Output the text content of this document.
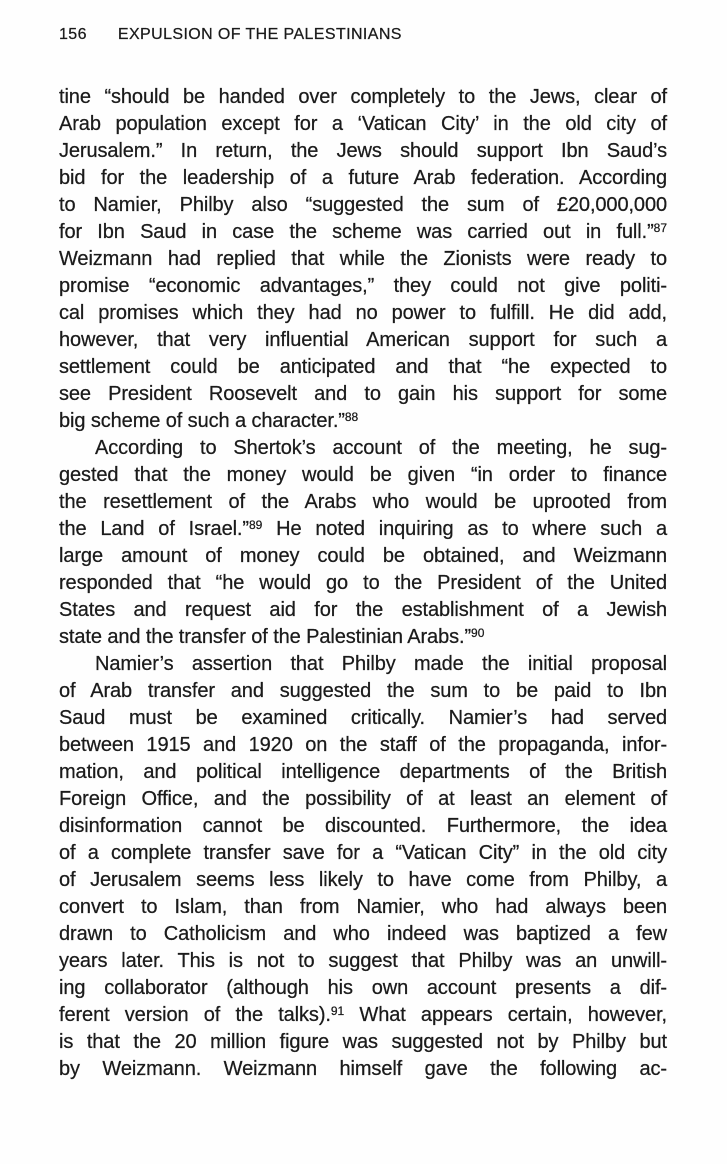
156 EXPULSION OF THE PALESTINIANS
tine “should be handed over completely to the Jews, clear of
Arab population except for a ‘Vatican City’ in the old city of
Jerusalem.” In return, the Jews should support Ibn Saud’s
bid for the leadership of a future Arab federation. According
to Namier, Philby also “suggested the sum of £20,000,000
for Ibn Saud in case the scheme was carried out in full.”$^{87}$
Weizmann had replied that while the Zionists were ready to
promise “economic advantages,” they could not give politi-
cal promises which they had no power to fulfill. He did add,
however, that very influential American support for such a
settlement could be anticipated and that “he expected to
see President Roosevelt and to gain his support for some
big scheme of such a character.”$^{88}$
According to Shertok’s account of the meeting, he sug-
gested that the money would be given “in order to finance
the resettlement of the Arabs who would be uprooted from
the Land of Israel.”$^{89}$ He noted inquiring as to where such a
large amount of money could be obtained, and Weizmann
responded that “he would go to the President of the United
States and request aid for the establishment of a Jewish
state and the transfer of the Palestinian Arabs.”$^{90}$
Namier’s assertion that Philby made the initial proposal
of Arab transfer and suggested the sum to be paid to Ibn
Saud must be examined critically. Namier’s had served
between 1915 and 1920 on the staff of the propaganda, infor-
mation, and political intelligence departments of the British
Foreign Office, and the possibility of at least an element of
disinformation cannot be discounted. Furthermore, the idea
of a complete transfer save for a “Vatican City” in the old city
of Jerusalem seems less likely to have come from Philby, a
convert to Islam, than from Namier, who had always been
drawn to Catholicism and who indeed was baptized a few
years later. This is not to suggest that Philby was an unwill-
ing collaborator (although his own account presents a dif-
ferent version of the talks).$^{91}$ What appears certain, however,
is that the 20 million figure was suggested not by Philby but
by Weizmann. Weizmann himself gave the following ac-
